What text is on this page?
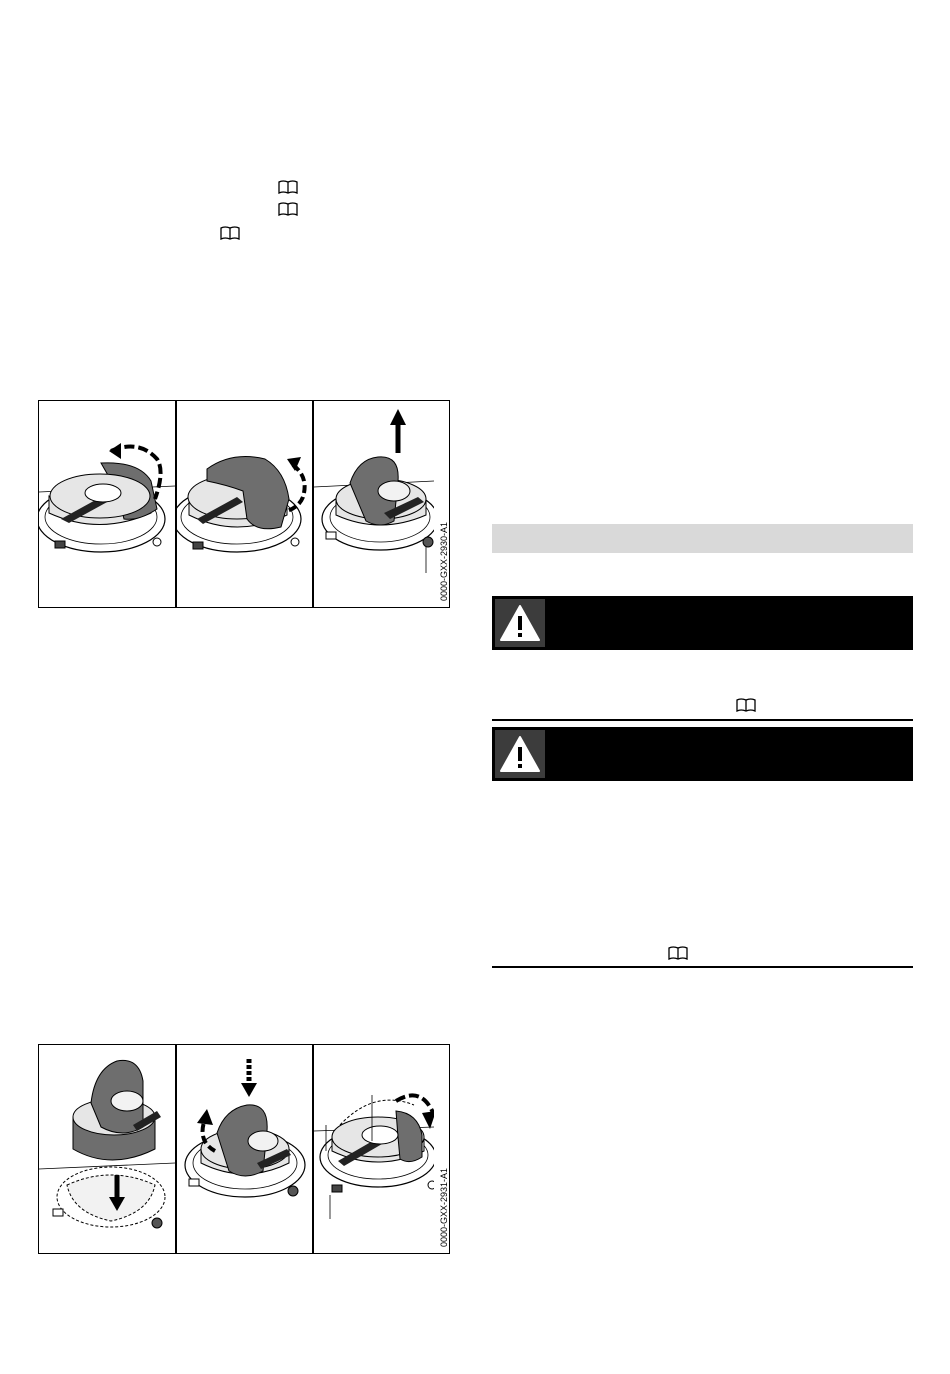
0000-GXX-2930-A1
0000-GXX-2931-A1
